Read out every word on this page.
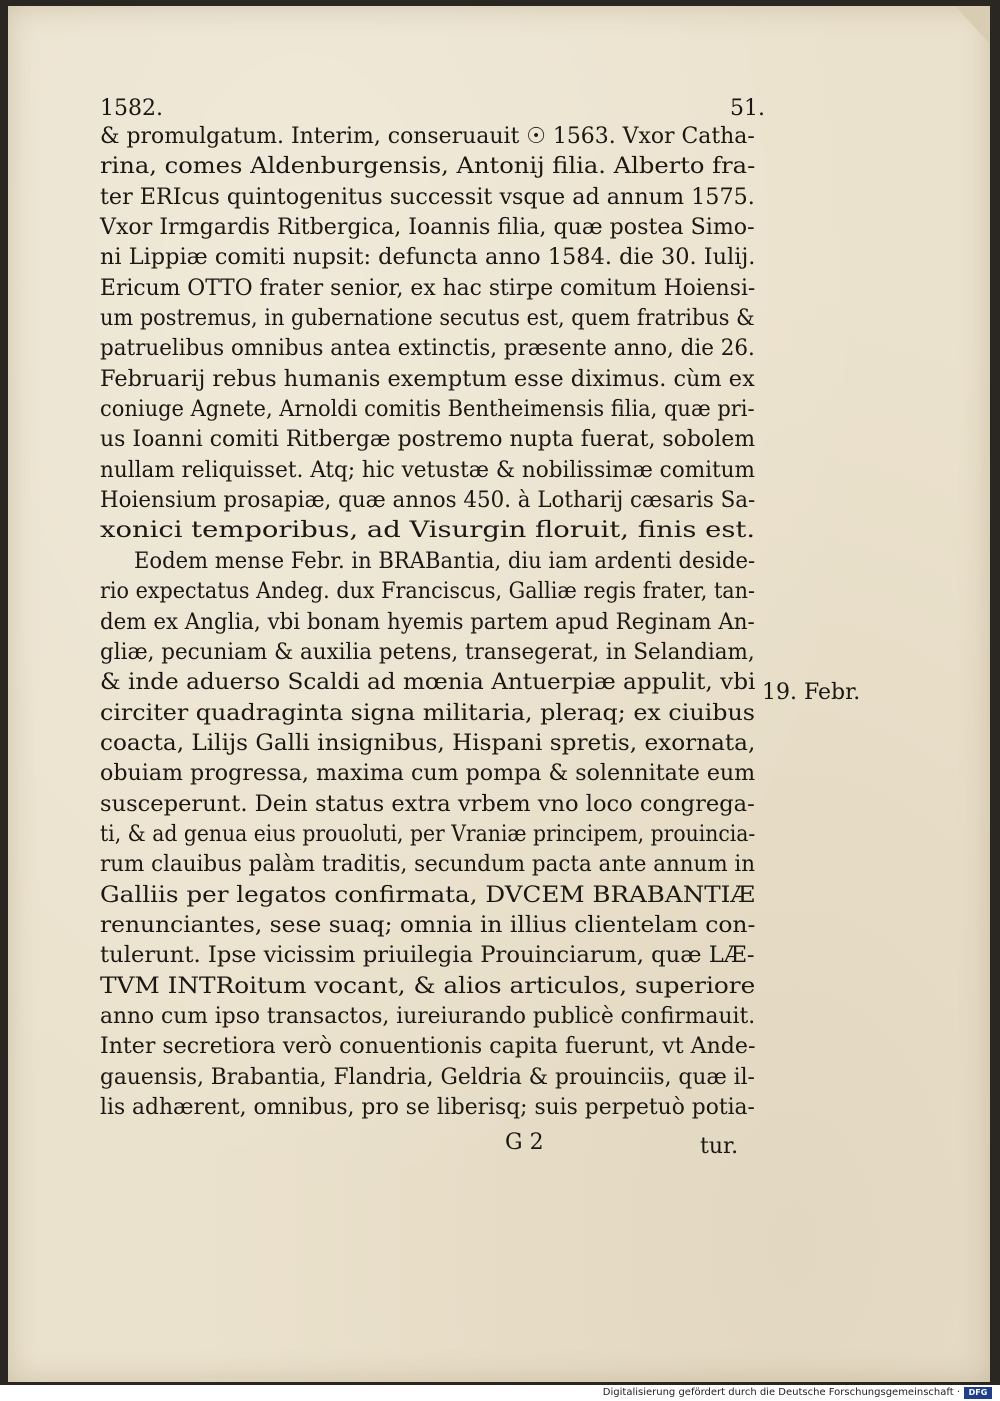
1582.	51.
& promulgatum. Interim, conseruauit ☉ 1563. Vxor Catha-
rina, comes Aldenburgensis, Antonij filia. Alberto fra-
ter ERIcus quintogenitus successit vsque ad annum 1575.
Vxor Irmgardis Ritbergica, Ioannis filia, quæ postea Simo-
ni Lippiæ comiti nupsit: defuncta anno 1584. die 30. Iulij.
Ericum OTTO frater senior, ex hac stirpe comitum Hoiensi-
um postremus, in gubernatione secutus est, quem fratribus &
patruelibus omnibus antea extinctis, præsente anno, die 26.
Februarij rebus humanis exemptum esse diximus. cùm ex
coniuge Agnete, Arnoldi comitis Bentheimensis filia, quæ pri-
us Ioanni comiti Ritbergæ postremo nupta fuerat, sobolem
nullam reliquisset. Atq; hic vetustæ & nobilissimæ comitum
Hoiensium prosapiæ, quæ annos 450. à Lotharij cæsaris Sa-
xonici temporibus, ad Visurgin floruit, finis est.
Eodem mense Febr. in BRABantia, diu iam ardenti deside-
rio expectatus Andeg. dux Franciscus, Galliæ regis frater, tan-
dem ex Anglia, vbi bonam hyemis partem apud Reginam An-
gliæ, pecuniam & auxilia petens, transegerat, in Selandiam,
& inde aduerso Scaldi ad mœnia Antuerpiæ appulit, vbi
circiter quadraginta signa militaria, pleraq; ex ciuibus
coacta, Lilijs Galli insignibus, Hispani spretis, exornata,
obuiam progressa, maxima cum pompa & solennitate eum
susceperunt. Dein status extra vrbem vno loco congrega-
ti, & ad genua eius prouoluti, per Vraniæ principem, prouincia-
rum clauibus palàm traditis, secundum pacta ante annum in
Galliis per legatos confirmata, DVCEM BRABANTIÆ
renunciantes, sese suaq; omnia in illius clientelam con-
tulerunt. Ipse vicissim priuilegia Prouinciarum, quæ LÆ-
TVM INTRoitum vocant, & alios articulos, superiore
anno cum ipso transactos, iureiurando publicè confirmauit.
Inter secretiora verò conuentionis capita fuerunt, vt Ande-
gauensis, Brabantia, Flandria, Geldria & prouinciis, quæ il-
lis adhærent, omnibus, pro se liberisq; suis perpetuò potia-
19. Febr.
G 2	tur.
Digitalisierung gefördert durch die Deutsche Forschungsgemeinschaft ·	DFG
